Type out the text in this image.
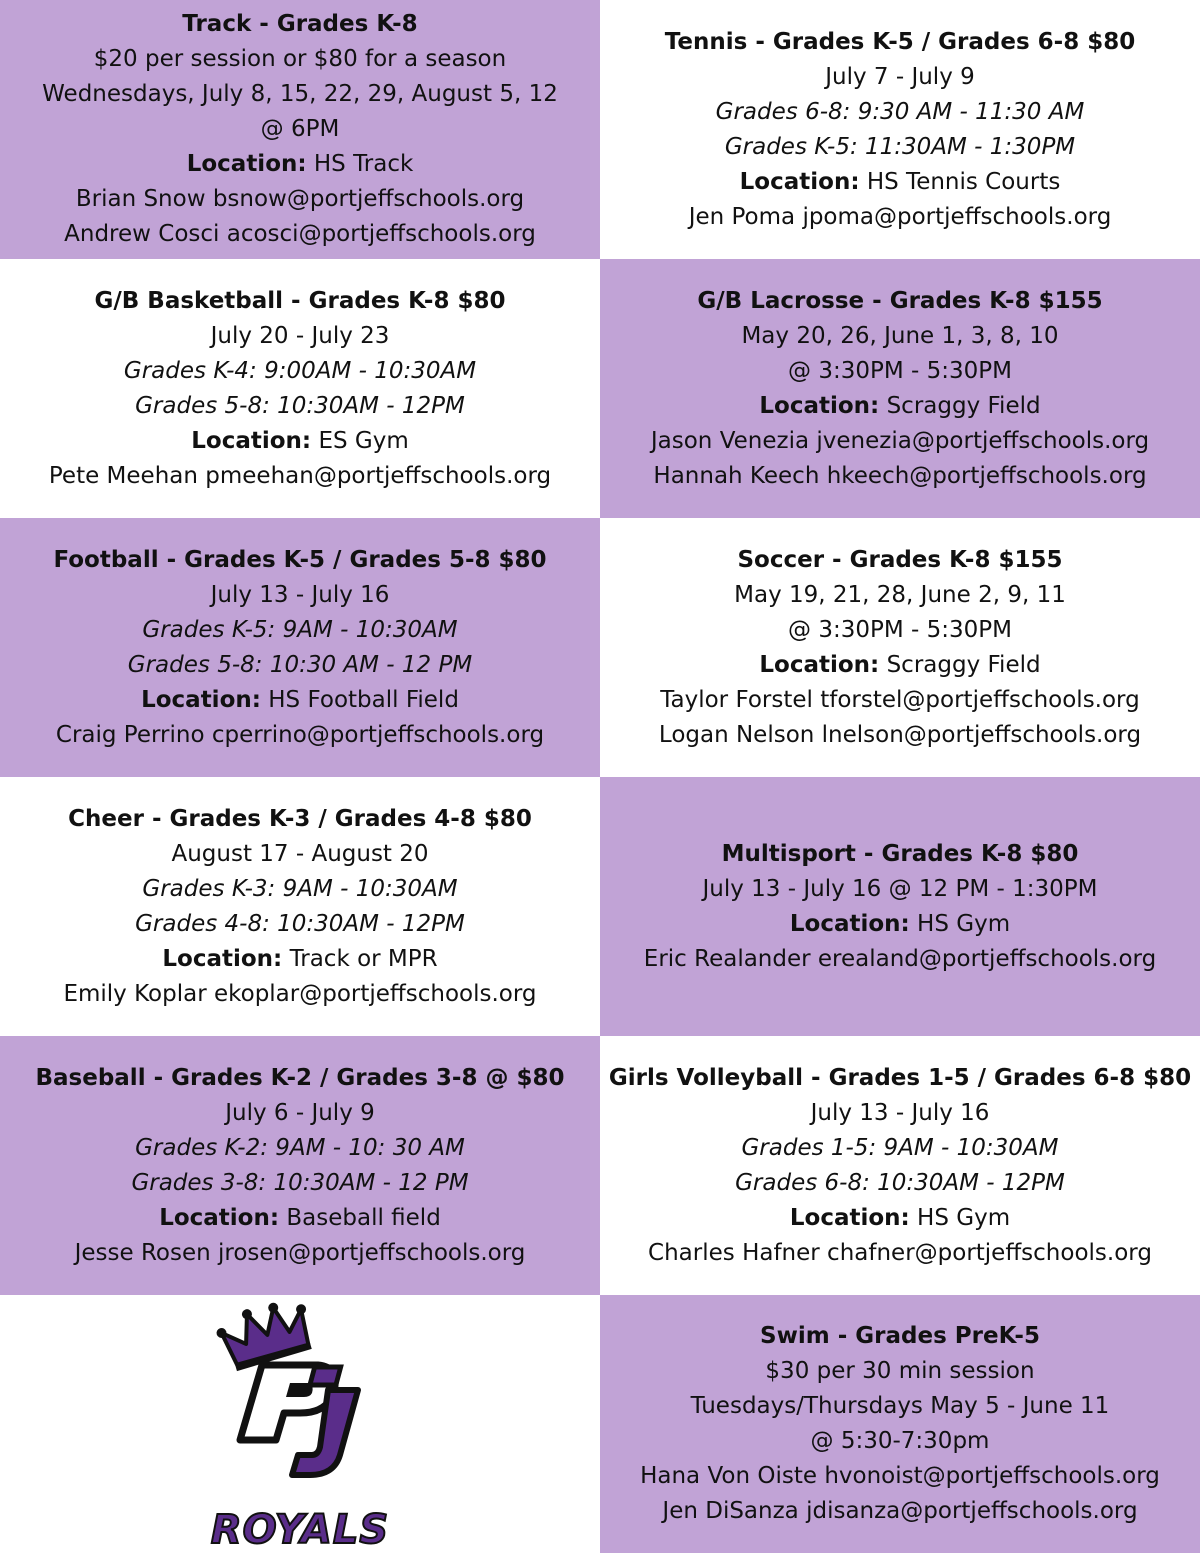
Track - Grades K-8
$20 per session or $80 for a season
Wednesdays, July 8, 15, 22, 29, August 5, 12
@ 6PM
Location: HS Track
Brian Snow bsnow@portjeffschools.org
Andrew Cosci acosci@portjeffschools.org
Tennis - Grades K-5 / Grades 6-8 $80
July 7 - July 9
Grades 6-8: 9:30 AM - 11:30 AM
Grades K-5: 11:30AM - 1:30PM
Location: HS Tennis Courts
Jen Poma jpoma@portjeffschools.org
G/B Basketball - Grades K-8 $80
July 20 - July 23
Grades K-4: 9:00AM - 10:30AM
Grades 5-8: 10:30AM - 12PM
Location: ES Gym
Pete Meehan pmeehan@portjeffschools.org
G/B Lacrosse - Grades K-8 $155
May 20, 26, June 1, 3, 8, 10
@ 3:30PM - 5:30PM
Location: Scraggy Field
Jason Venezia jvenezia@portjeffschools.org
Hannah Keech hkeech@portjeffschools.org
Football - Grades K-5 / Grades 5-8 $80
July 13 - July 16
Grades K-5: 9AM - 10:30AM
Grades 5-8: 10:30 AM - 12 PM
Location: HS Football Field
Craig Perrino cperrino@portjeffschools.org
Soccer - Grades K-8 $155
May 19, 21, 28, June 2, 9, 11
@ 3:30PM - 5:30PM
Location: Scraggy Field
Taylor Forstel tforstel@portjeffschools.org
Logan Nelson lnelson@portjeffschools.org
Cheer - Grades K-3 / Grades 4-8 $80
August 17 - August 20
Grades K-3: 9AM - 10:30AM
Grades 4-8: 10:30AM - 12PM
Location: Track or MPR
Emily Koplar ekoplar@portjeffschools.org
Multisport - Grades K-8 $80
July 13 - July 16 @ 12 PM - 1:30PM
Location: HS Gym
Eric Realander erealand@portjeffschools.org
Baseball - Grades K-2 / Grades 3-8 @ $80
July 6 - July 9
Grades K-2: 9AM - 10: 30 AM
Grades 3-8: 10:30AM - 12 PM
Location: Baseball field
Jesse Rosen jrosen@portjeffschools.org
Girls Volleyball - Grades 1-5 / Grades 6-8 $80
July 13 - July 16
Grades 1-5: 9AM - 10:30AM
Grades 6-8: 10:30AM - 12PM
Location: HS Gym
Charles Hafner chafner@portjeffschools.org
ROYALS
Swim - Grades PreK-5
$30 per 30 min session
Tuesdays/Thursdays May 5 - June 11
@ 5:30-7:30pm
Hana Von Oiste hvonoist@portjeffschools.org
Jen DiSanza jdisanza@portjeffschools.org
